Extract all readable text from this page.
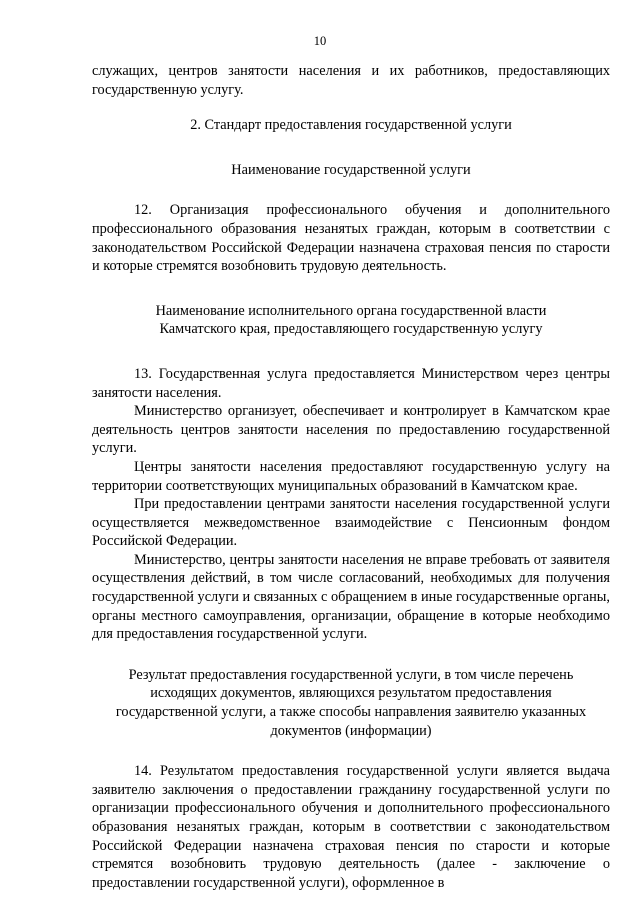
10

служащих, центров занятости населения и их работников, предоставляющих государственную услугу.

2. Стандарт предоставления государственной услуги

Наименование государственной услуги

12. Организация профессионального обучения и дополнительного профессионального образования незанятых граждан, которым в соответствии с законодательством Российской Федерации назначена страховая пенсия по старости и которые стремятся возобновить трудовую деятельность.

Наименование исполнительного органа государственной власти Камчатского края, предоставляющего государственную услугу

13. Государственная услуга предоставляется Министерством через центры занятости населения.

Министерство организует, обеспечивает и контролирует в Камчатском крае деятельность центров занятости населения по предоставлению государственной услуги.

Центры занятости населения предоставляют государственную услугу на территории соответствующих муниципальных образований в Камчатском крае.

При предоставлении центрами занятости населения государственной услуги осуществляется межведомственное взаимодействие с Пенсионным фондом Российской Федерации.

Министерство, центры занятости населения не вправе требовать от заявителя осуществления действий, в том числе согласований, необходимых для получения государственной услуги и связанных с обращением в иные государственные органы, органы местного самоуправления, организации, обращение в которые необходимо для предоставления государственной услуги.

Результат предоставления государственной услуги, в том числе перечень исходящих документов, являющихся результатом предоставления государственной услуги, а также способы направления заявителю указанных документов (информации)

14. Результатом предоставления государственной услуги является выдача заявителю заключения о предоставлении гражданину государственной услуги по организации профессионального обучения и дополнительного профессионального образования незанятых граждан, которым в соответствии с законодательством Российской Федерации назначена страховая пенсия по старости и которые стремятся возобновить трудовую деятельность (далее - заключение о предоставлении государственной услуги), оформленное в
